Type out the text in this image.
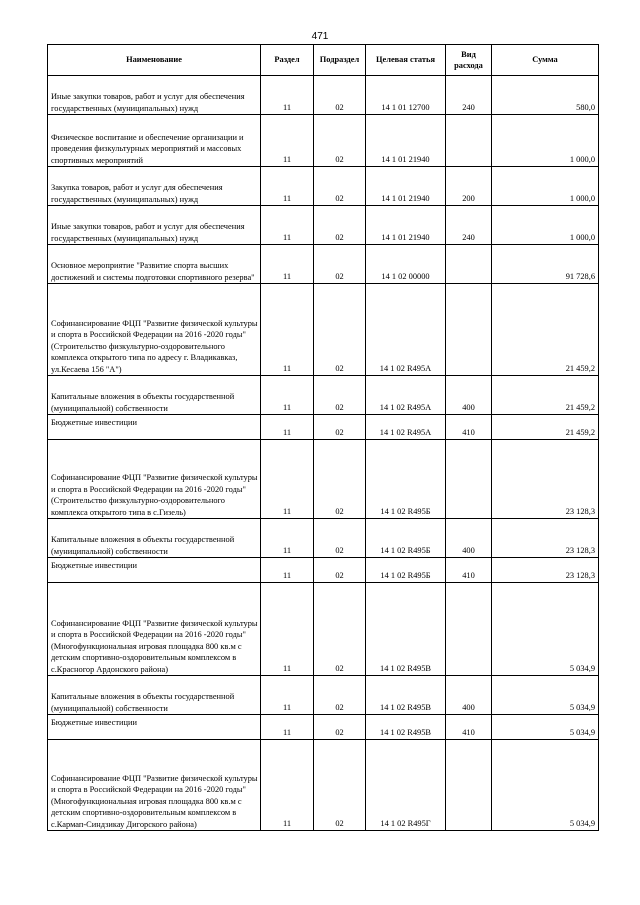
471
Наименование	Раздел	Подраздел	Целевая статья	Вид расхода	Сумма
Иные закупки товаров, работ и услуг для обеспечения государственных (муниципальных) нужд	11	02	14 1 01 12700	240	580,0
Физическое воспитание и обеспечение организации и проведения физкультурных мероприятий и массовых спортивных мероприятий	11	02	14 1 01 21940		1 000,0
Закупка товаров, работ и услуг для обеспечения государственных (муниципальных) нужд	11	02	14 1 01 21940	200	1 000,0
Иные закупки товаров, работ и услуг для обеспечения государственных (муниципальных) нужд	11	02	14 1 01 21940	240	1 000,0
Основное мероприятие "Развитие спорта высших достижений и системы подготовки спортивного резерва"	11	02	14 1 02 00000		91 728,6
Софинансирование ФЦП "Развитие физической культуры и спорта в Российской Федерации на 2016 -2020 годы" (Строительство физкультурно-оздоровительного комплекса открытого типа по адресу г. Владикавказ, ул.Кесаева 156 "А")	11	02	14 1 02 R495А		21 459,2
Капитальные вложения в объекты государственной (муниципальной) собственности	11	02	14 1 02 R495А	400	21 459,2
Бюджетные инвестиции	11	02	14 1 02 R495А	410	21 459,2
Софинансирование ФЦП "Развитие физической культуры и спорта в Российской Федерации на 2016 -2020 годы" (Строительство физкультурно-оздоровительного комплекса открытого типа в с.Гизель)	11	02	14 1 02 R495Б		23 128,3
Капитальные вложения в объекты государственной (муниципальной) собственности	11	02	14 1 02 R495Б	400	23 128,3
Бюджетные инвестиции	11	02	14 1 02 R495Б	410	23 128,3
Софинансирование ФЦП "Развитие физической культуры и спорта в Российской Федерации на 2016 -2020 годы" (Многофункциональная игровая площадка 800 кв.м с детским спортивно-оздоровительным комплексом в с.Красногор Ардонского района)	11	02	14 1 02 R495В		5 034,9
Капитальные вложения в объекты государственной (муниципальной) собственности	11	02	14 1 02 R495В	400	5 034,9
Бюджетные инвестиции	11	02	14 1 02 R495В	410	5 034,9
Софинансирование ФЦП "Развитие физической культуры и спорта в Российской Федерации на 2016 -2020 годы" (Многофункциональная игровая площадка 800 кв.м с детским спортивно-оздоровительным комплексом в с.Кармап-Синдзикау Дигорского района)	11	02	14 1 02 R495Г		5 034,9
